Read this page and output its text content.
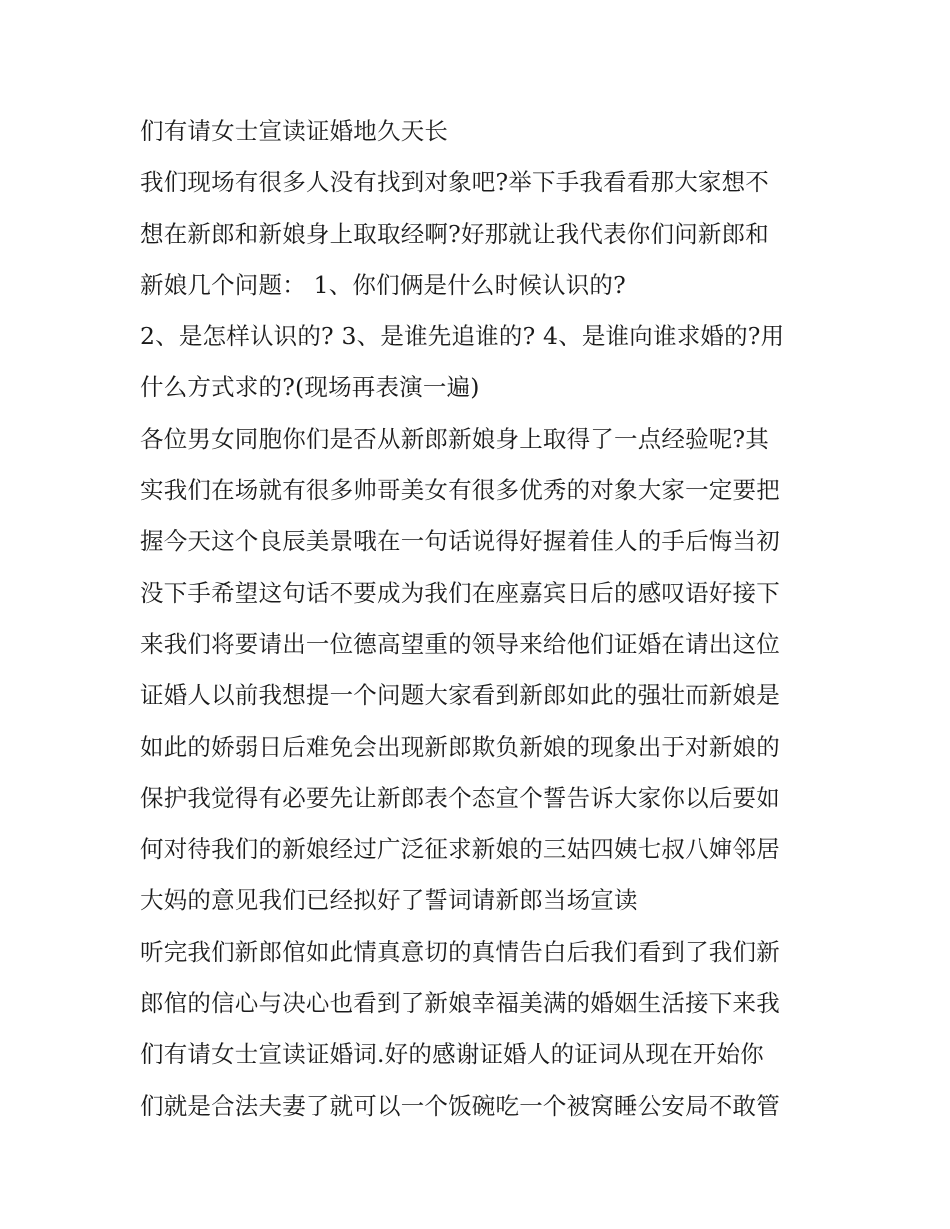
们有请女士宣读证婚地久天长
我们现场有很多人没有找到对象吧?举下手我看看那大家想不
想在新郎和新娘身上取取经啊?好那就让我代表你们问新郎和
新娘几个问题： 1、你们俩是什么时候认识的?
2、是怎样认识的? 3、是谁先追谁的? 4、是谁向谁求婚的?用
什么方式求的?(现场再表演一遍)
各位男女同胞你们是否从新郎新娘身上取得了一点经验呢?其
实我们在场就有很多帅哥美女有很多优秀的对象大家一定要把
握今天这个良辰美景哦在一句话说得好握着佳人的手后悔当初
没下手希望这句话不要成为我们在座嘉宾日后的感叹语好接下
来我们将要请出一位德高望重的领导来给他们证婚在请出这位
证婚人以前我想提一个问题大家看到新郎如此的强壮而新娘是
如此的娇弱日后难免会出现新郎欺负新娘的现象出于对新娘的
保护我觉得有必要先让新郎表个态宣个誓告诉大家你以后要如
何对待我们的新娘经过广泛征求新娘的三姑四姨七叔八婶邻居
大妈的意见我们已经拟好了誓词请新郎当场宣读
听完我们新郎倌如此情真意切的真情告白后我们看到了我们新
郎倌的信心与决心也看到了新娘幸福美满的婚姻生活接下来我
们有请女士宣读证婚词.好的感谢证婚人的证词从现在开始你
们就是合法夫妻了就可以一个饭碗吃一个被窝睡公安局不敢管
